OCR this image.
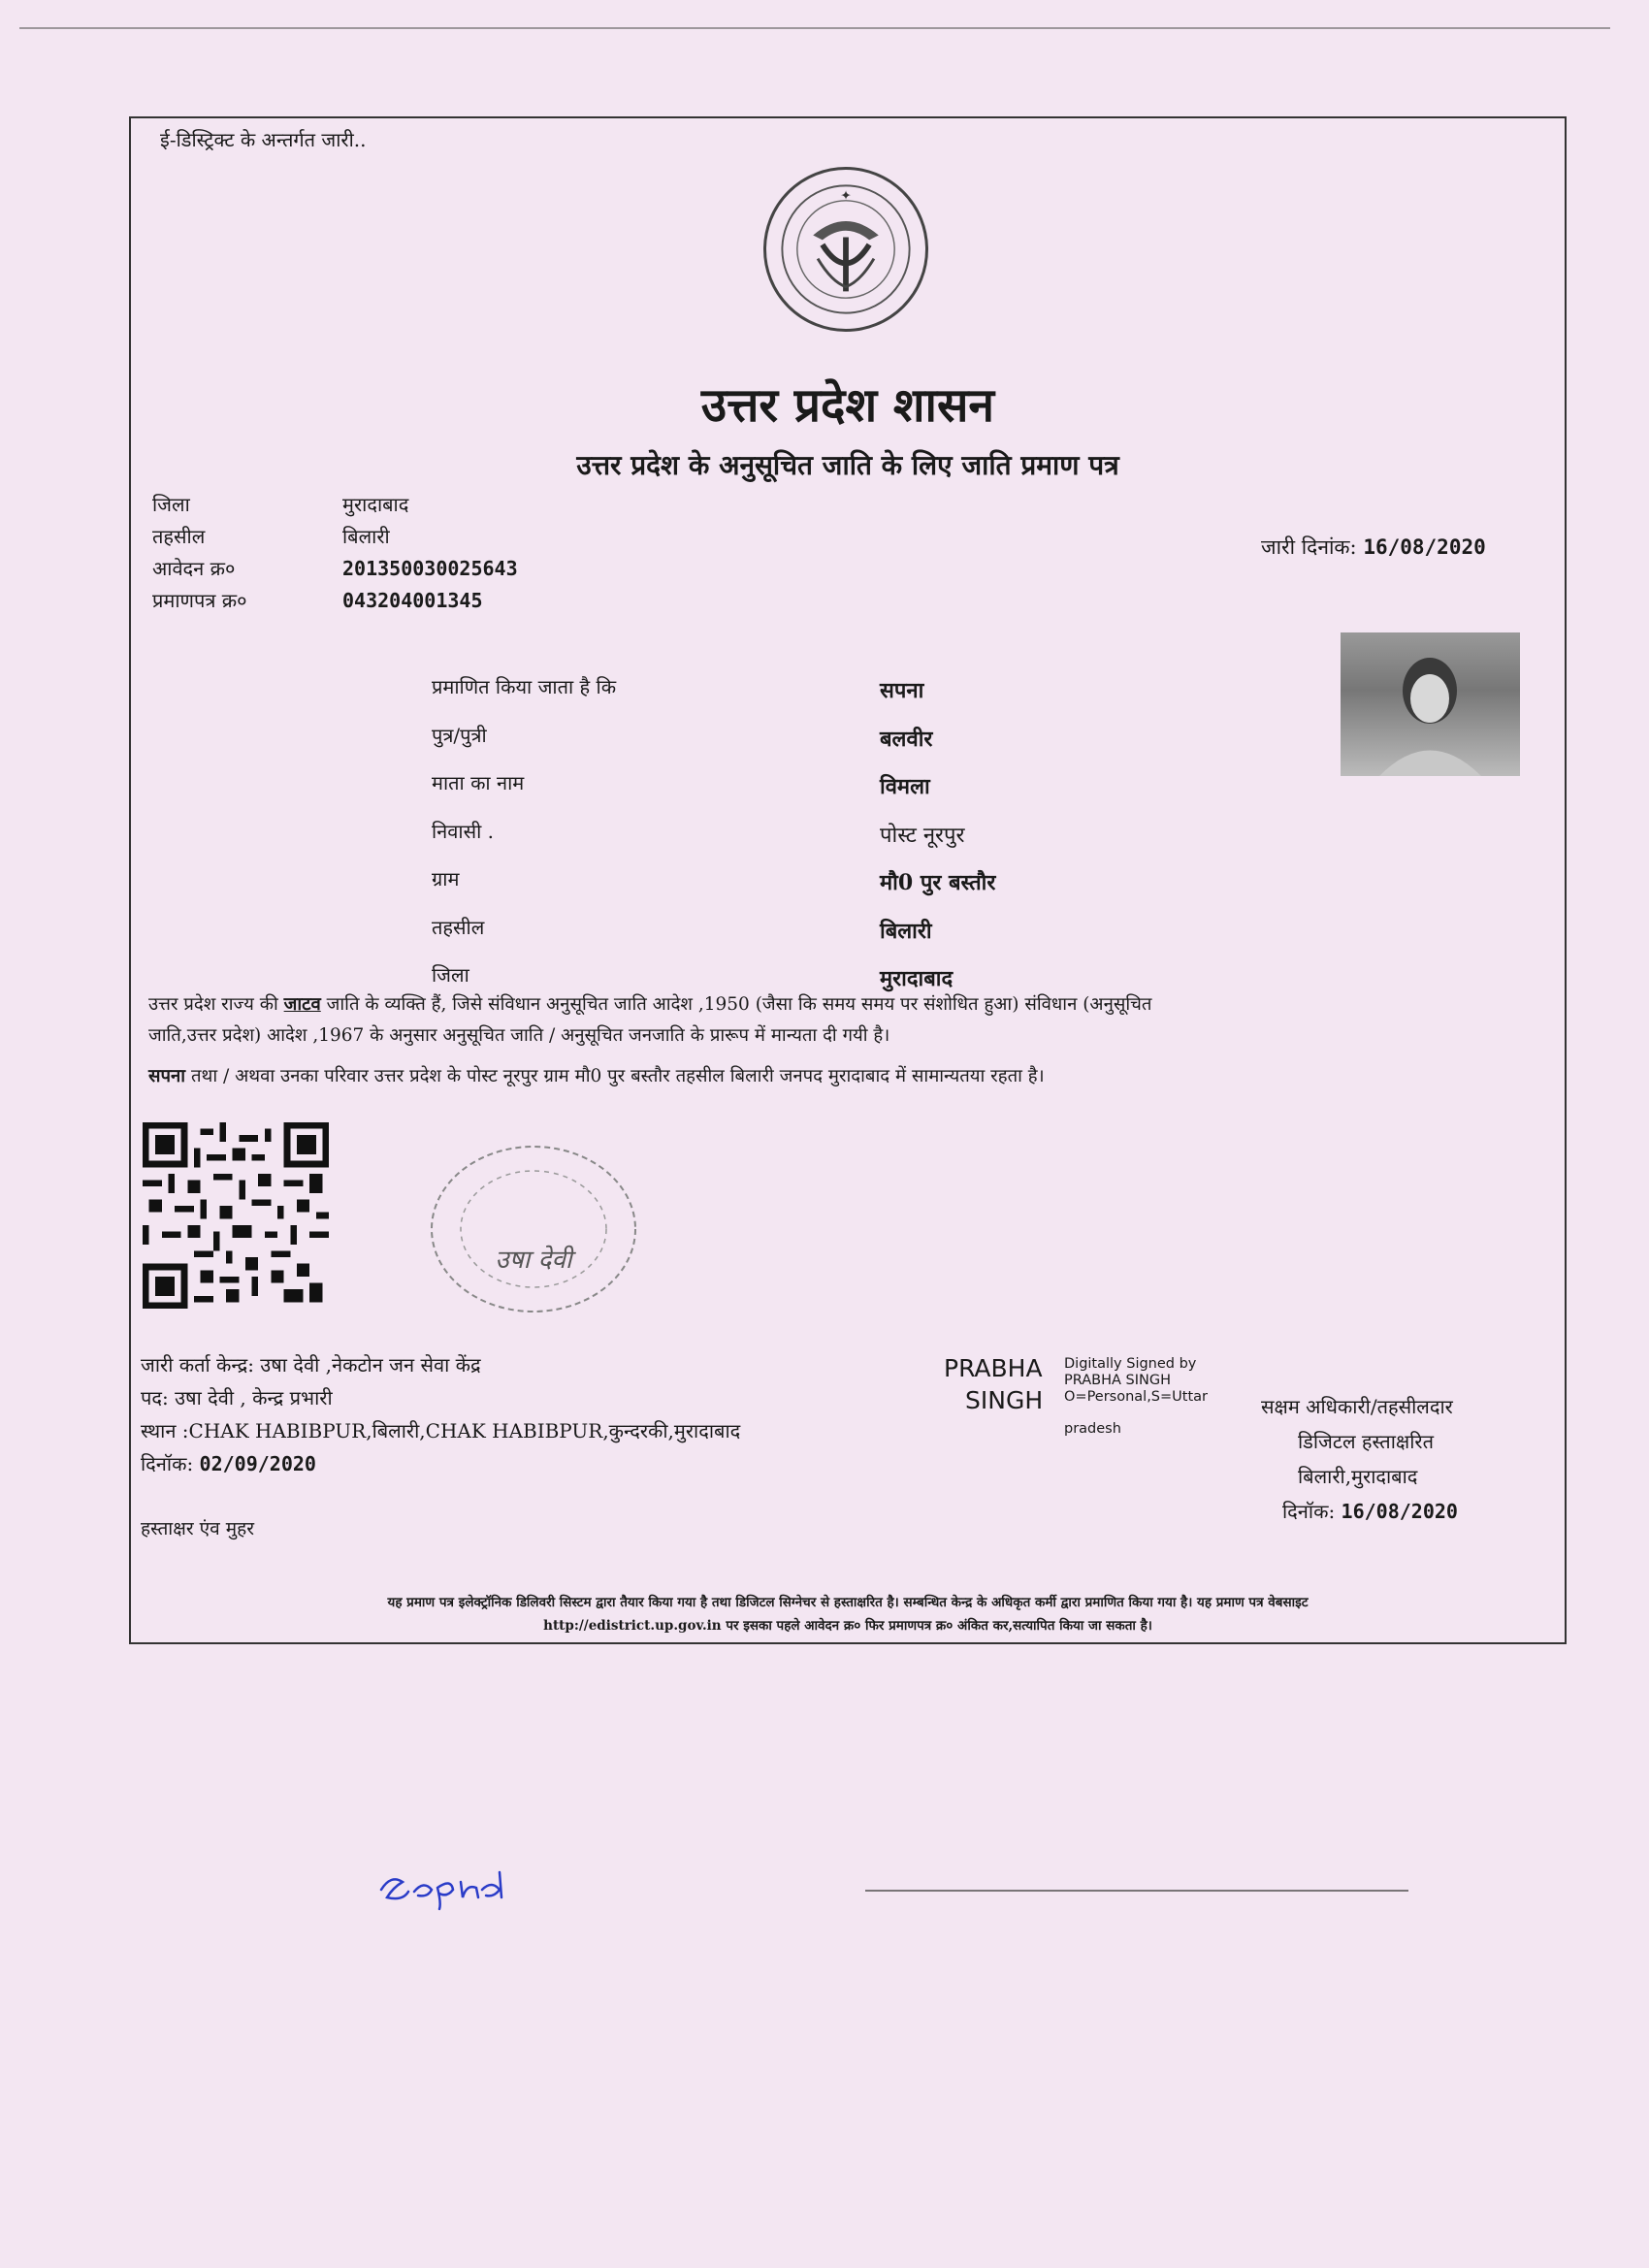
ई-डिस्ट्रिक्ट के अन्तर्गत जारी..
✦
उत्तर प्रदेश शासन
उत्तर प्रदेश के अनुसूचित जाति के लिए जाति प्रमाण पत्र
जिला
तहसील
आवेदन क्र०
प्रमाणपत्र क्र०
मुरादाबाद
बिलारी
201350030025643
043204001345
जारी दिनांक: 16/08/2020
प्रमाणित किया जाता है कि
पुत्र/पुत्री
माता का नाम
निवासी .
ग्राम
तहसील
जिला
सपना
बलवीर
विमला
पोस्ट नूरपुर
मौ0 पुर बस्तौर
बिलारी
मुरादाबाद
उत्तर प्रदेश राज्य की जाटव जाति के व्यक्ति हैं, जिसे संविधान अनुसूचित जाति आदेश ,1950 (जैसा कि समय समय पर संशोधित हुआ) संविधान (अनुसूचित
जाति,उत्तर प्रदेश) आदेश ,1967 के अनुसार अनुसूचित जाति / अनुसूचित जनजाति के प्रारूप में मान्यता दी गयी है।
सपना तथा / अथवा उनका परिवार उत्तर प्रदेश के पोस्ट नूरपुर ग्राम मौ0 पुर बस्तौर तहसील बिलारी जनपद मुरादाबाद में सामान्यतया रहता है।
उषा देवी
जारी कर्ता केन्द्र: उषा देवी ,नेकटोन जन सेवा केंद्र
पद: उषा देवी , केन्द्र प्रभारी
स्थान :CHAK HABIBPUR,बिलारी,CHAK HABIBPUR,कुन्दरकी,मुरादाबाद
दिनॉक: 02/09/2020
हस्ताक्षर एंव मुहर
PRABHA
SINGH
Digitally Signed by
PRABHA SINGH
O=Personal,S=Uttar
pradesh
सक्षम अधिकारी/तहसीलदार
डिजिटल हस्ताक्षरित
बिलारी,मुरादाबाद
दिनॉक: 16/08/2020
यह प्रमाण पत्र इलेक्ट्रॉनिक डिलिवरी सिस्टम द्वारा तैयार किया गया है तथा डिजिटल सिग्नेचर से हस्ताक्षरित है। सम्बन्धित केन्द्र के अधिकृत कर्मी द्वारा प्रमाणित किया गया है। यह प्रमाण पत्र वेबसाइट
http://edistrict.up.gov.in पर इसका पहले आवेदन क्र० फिर प्रमाणपत्र क्र० अंकित कर,सत्यापित किया जा सकता है।
